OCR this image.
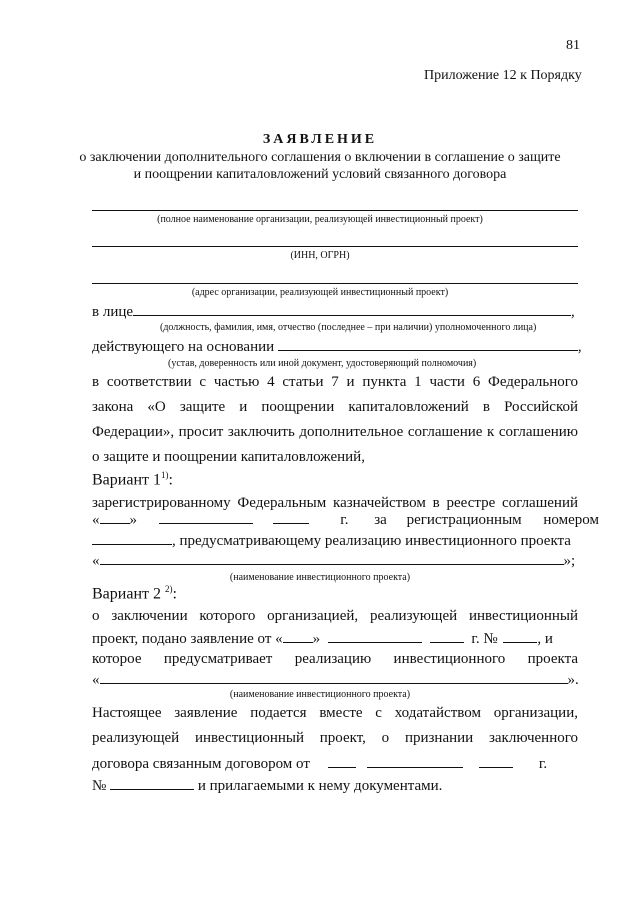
81
Приложение 12 к Порядку
ЗАЯВЛЕНИЕ
о заключении дополнительного соглашения о включении в соглашение о защите
и поощрении капиталовложений условий связанного договора
(полное наименование организации, реализующей инвестиционный проект)
(ИНН, ОГРН)
(адрес организации, реализующей инвестиционный проект)
в лице	,
(должность, фамилия, имя, отчество (последнее – при наличии) уполномоченного лица)
действующего на основании	,
(устав, доверенность или иной документ, удостоверяющий полномочия)
в соответствии с частью 4 статьи 7 и пункта 1 части 6 Федерального
закона «О защите и поощрении капиталовложений в Российской
Федерации», просит заключить дополнительное соглашение к соглашению
о защите и поощрении капиталовложений,
Вариант 1$^{1)}$:
зарегистрированному Федеральным казначейством в реестре соглашений
« »	г. за регистрационным номером
, предусматривающему реализацию инвестиционного проекта
«	»;
(наименование инвестиционного проекта)
Вариант 2 $^{2)}$:
о заключении которого организацией, реализующей инвестиционный
проект, подано заявление от « »	г. №	, и
которое предусматривает реализацию инвестиционного проекта
«	».
(наименование инвестиционного проекта)
Настоящее заявление подается вместе с ходатайством организации,
реализующей инвестиционный проект, о признании заключенного
договора связанным договором от	г.
№	и прилагаемыми к нему документами.
